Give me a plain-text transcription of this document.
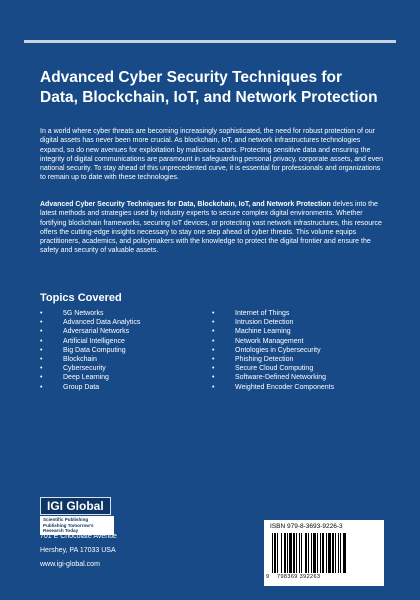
Advanced Cyber Security Techniques for Data, Blockchain, IoT, and Network Protection
In a world where cyber threats are becoming increasingly sophisticated, the need for robust protection of our digital assets has never been more crucial. As blockchain, IoT, and network infrastructures technologies expand, so do new avenues for exploitation by malicious actors. Protecting sensitive data and ensuring the integrity of digital communications are paramount in safeguarding personal privacy, corporate assets, and even national security. To stay ahead of this unprecedented curve, it is essential for professionals and organizations to remain up to date with these technologies.
Advanced Cyber Security Techniques for Data, Blockchain, IoT, and Network Protection delves into the latest methods and strategies used by industry experts to secure complex digital environments. Whether fortifying blockchain frameworks, securing IoT devices, or protecting vast network infrastructures, this resource offers the cutting-edge insights necessary to stay one step ahead of cyber threats. This volume equips practitioners, academics, and policymakers with the knowledge to protect the digital frontier and ensure the safety and security of valuable assets.
Topics Covered
•	5G Networks
•	Advanced Data Analytics
•	Adversarial Networks
•	Artificial Intelligence
•	Big Data Computing
•	Blockchain
•	Cybersecurity
•	Deep Learning
•	Group Data
•	Internet of Things
•	Intrusion Detection
•	Machine Learning
•	Network Management
•	Ontologies in Cybersecurity
•	Phishing Detection
•	Secure Cloud Computing
•	Software-Defined Networking
•	Weighted Encoder Components
IGI Global
Scientific Publishing
Publishing Tomorrow's Research Today
701 E Chocolate Avenue
Hershey, PA 17033 USA
www.igi-global.com
ISBN 979-8-3693-9226-3
9 798369 392263
